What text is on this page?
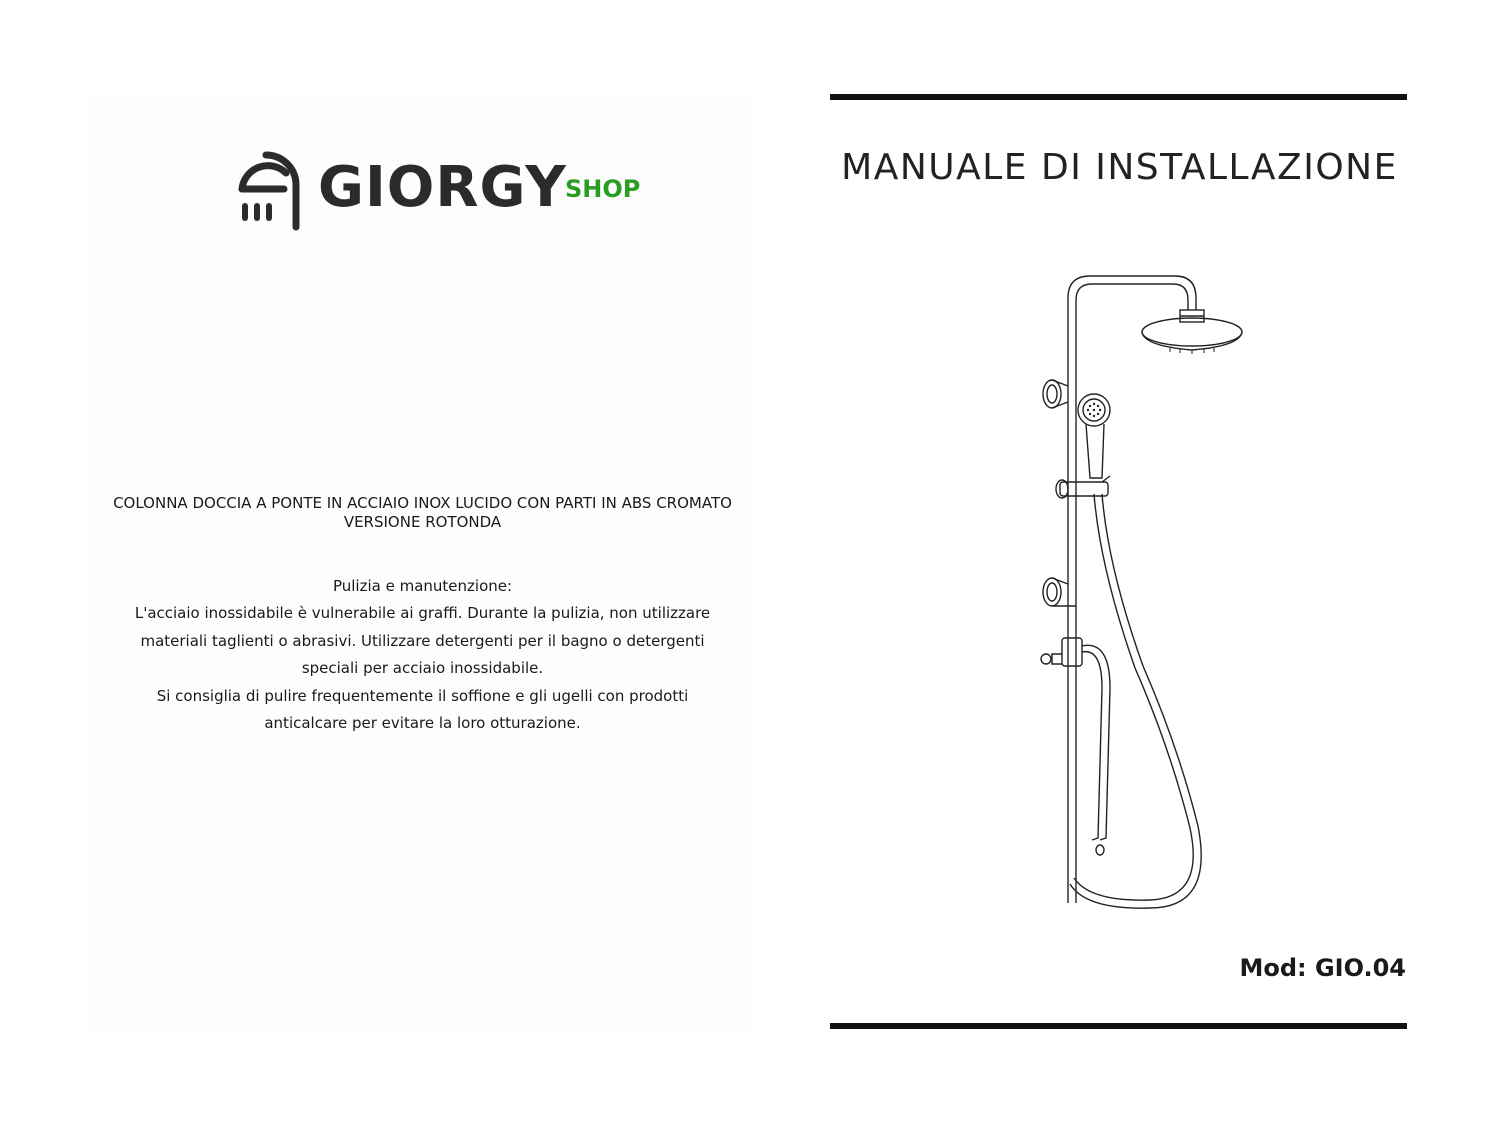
GIORGY
SHOP
COLONNA DOCCIA A PONTE IN ACCIAIO INOX LUCIDO CON PARTI IN ABS CROMATO
VERSIONE ROTONDA
Pulizia e manutenzione:
L'acciaio inossidabile è vulnerabile ai graffi. Durante la pulizia, non utilizzare
materiali taglienti o abrasivi. Utilizzare detergenti per il bagno o detergenti
speciali per acciaio inossidabile.
Si consiglia di pulire frequentemente il soffione e gli ugelli con prodotti
anticalcare per evitare la loro otturazione.
MANUALE DI INSTALLAZIONE
Mod: GIO.04
